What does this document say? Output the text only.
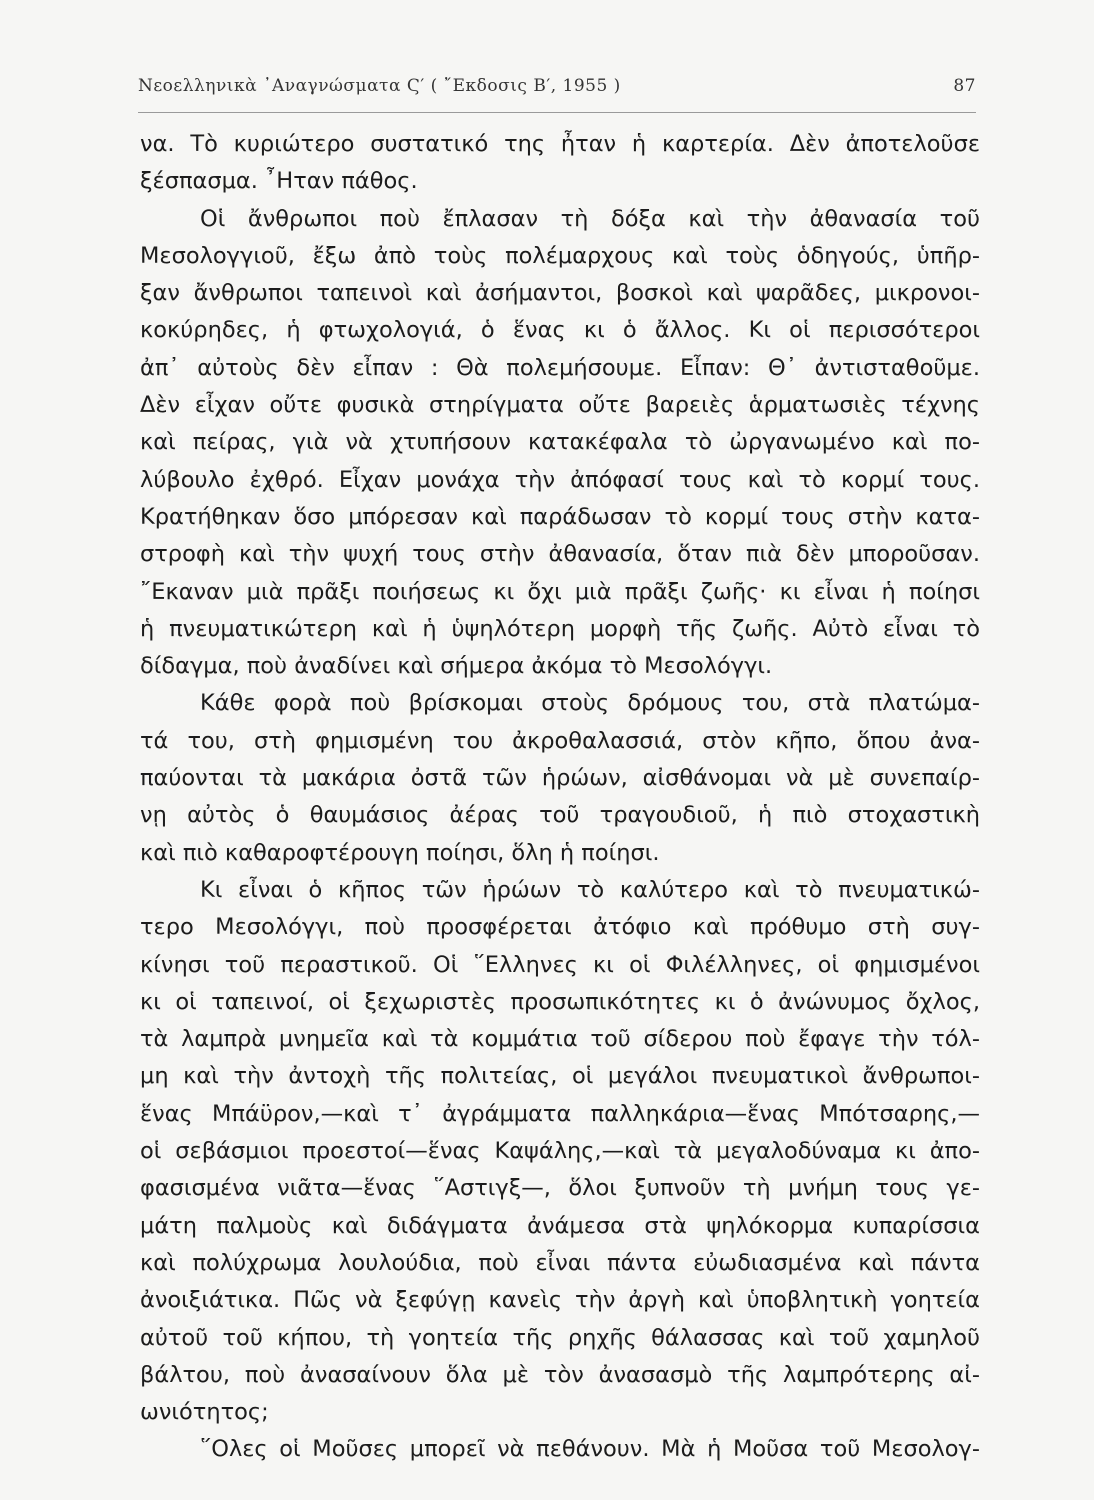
Νεοελληνικὰ ᾿Αναγνώσματα Ϛ′ ( ῎Εκδοσις Β′, 1955 )	87
να. Τὸ κυριώτερο συστατικό της ἦταν ἡ καρτερία. Δὲν ἀποτελοῦσε
ξέσπασμα. ῏Ηταν πάθος.
Οἱ ἄνθρωποι ποὺ ἔπλασαν τὴ δόξα καὶ τὴν ἀθανασία τοῦ
Μεσολογγιοῦ, ἔξω ἀπὸ τοὺς πολέμαρχους καὶ τοὺς ὁδηγούς, ὑπῆρ-
ξαν ἄνθρωποι ταπεινοὶ καὶ ἀσήμαντοι, βοσκοὶ καὶ ψαρᾶδες, μικρονοι-
κοκύρηδες, ἡ φτωχολογιά, ὁ ἕνας κι ὁ ἄλλος. Κι οἱ περισσότεροι
ἀπ᾿ αὐτοὺς δὲν εἶπαν : Θὰ πολεμήσουμε. Εἶπαν: Θ᾿ ἀντισταθοῦμε.
Δὲν εἶχαν οὔτε φυσικὰ στηρίγματα οὔτε βαρειὲς ἁρματωσιὲς τέχνης
καὶ πείρας, γιὰ νὰ χτυπήσουν κατακέφαλα τὸ ὠργανωμένο καὶ πο-
λύβουλο ἐχθρό. Εἶχαν μονάχα τὴν ἀπόφασί τους καὶ τὸ κορμί τους.
Κρατήθηκαν ὅσο μπόρεσαν καὶ παράδωσαν τὸ κορμί τους στὴν κατα-
στροφὴ καὶ τὴν ψυχή τους στὴν ἀθανασία, ὅταν πιὰ δὲν μποροῦσαν.
῎Εκαναν μιὰ πρᾶξι ποιήσεως κι ὄχι μιὰ πρᾶξι ζωῆς· κι εἶναι ἡ ποίησι
ἡ πνευματικώτερη καὶ ἡ ὑψηλότερη μορφὴ τῆς ζωῆς. Αὐτὸ εἶναι τὸ
δίδαγμα, ποὺ ἀναδίνει καὶ σήμερα ἀκόμα τὸ Μεσολόγγι.
Κάθε φορὰ ποὺ βρίσκομαι στοὺς δρόμους του, στὰ πλατώμα-
τά του, στὴ φημισμένη του ἀκροθαλασσιά, στὸν κῆπο, ὅπου ἀνα-
παύονται τὰ μακάρια ὀστᾶ τῶν ἡρώων, αἰσθάνομαι νὰ μὲ συνεπαίρ-
νῃ αὐτὸς ὁ θαυμάσιος ἀέρας τοῦ τραγουδιοῦ, ἡ πιὸ στοχαστικὴ
καὶ πιὸ καθαροφτέρουγη ποίησι, ὅλη ἡ ποίησι.
Κι εἶναι ὁ κῆπος τῶν ἡρώων τὸ καλύτερο καὶ τὸ πνευματικώ-
τερο Μεσολόγγι, ποὺ προσφέρεται ἀτόφιο καὶ πρόθυμο στὴ συγ-
κίνησι τοῦ περαστικοῦ. Οἱ ῞Ελληνες κι οἱ Φιλέλληνες, οἱ φημισμένοι
κι οἱ ταπεινοί, οἱ ξεχωριστὲς προσωπικότητες κι ὁ ἀνώνυμος ὄχλος,
τὰ λαμπρὰ μνημεῖα καὶ τὰ κομμάτια τοῦ σίδερου ποὺ ἔφαγε τὴν τόλ-
μη καὶ τὴν ἀντοχὴ τῆς πολιτείας, οἱ μεγάλοι πνευματικοὶ ἄνθρωποι-
ἕνας Μπάϋρον,—καὶ τ᾿ ἀγράμματα παλληκάρια—ἕνας Μπότσαρης,—
οἱ σεβάσμιοι προεστοί—ἕνας Καψάλης,—καὶ τὰ μεγαλοδύναμα κι ἀπο-
φασισμένα νιᾶτα—ἕνας ῞Αστιγξ—, ὅλοι ξυπνοῦν τὴ μνήμη τους γε-
μάτη παλμοὺς καὶ διδάγματα ἀνάμεσα στὰ ψηλόκορμα κυπαρίσσια
καὶ πολύχρωμα λουλούδια, ποὺ εἶναι πάντα εὐωδιασμένα καὶ πάντα
ἀνοιξιάτικα. Πῶς νὰ ξεφύγῃ κανεὶς τὴν ἀργὴ καὶ ὑποβλητικὴ γοητεία
αὐτοῦ τοῦ κήπου, τὴ γοητεία τῆς ρηχῆς θάλασσας καὶ τοῦ χαμηλοῦ
βάλτου, ποὺ ἀνασαίνουν ὅλα μὲ τὸν ἀνασασμὸ τῆς λαμπρότερης αἰ-
ωνιότητος;
῞Ολες οἱ Μοῦσες μπορεῖ νὰ πεθάνουν. Μὰ ἡ Μοῦσα τοῦ Μεσολογ-
